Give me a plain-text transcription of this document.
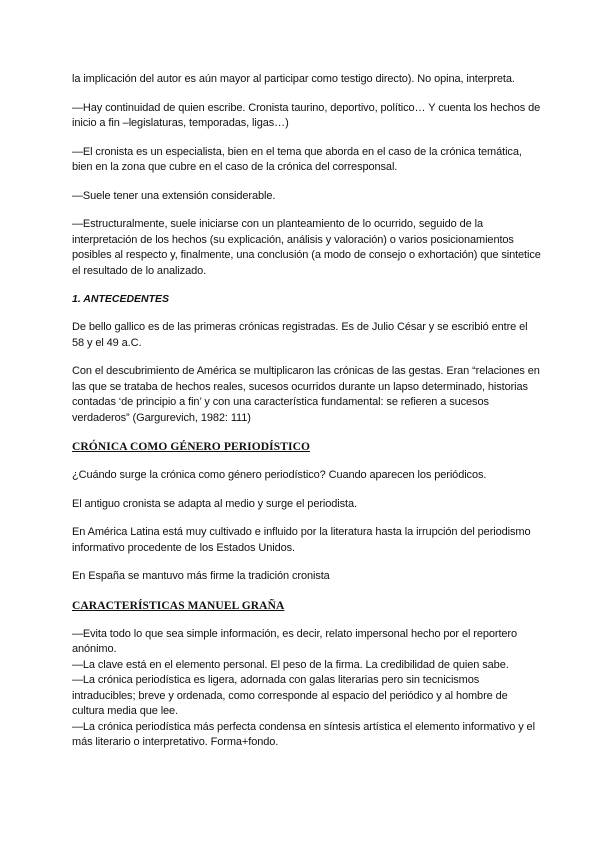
la implicación del autor es aún mayor al participar como testigo directo). No opina, interpreta.

—Hay continuidad de quien escribe. Cronista taurino, deportivo, político… Y cuenta los hechos de inicio a fin –legislaturas, temporadas, ligas…)

—El cronista es un especialista, bien en el tema que aborda en el caso de la crónica temática, bien en la zona que cubre en el caso de la crónica del corresponsal.

—Suele tener una extensión considerable.

—Estructuralmente, suele iniciarse con un planteamiento de lo ocurrido, seguido de la interpretación de los hechos (su explicación, análisis y valoración) o varios posicionamientos posibles al respecto y, finalmente, una conclusión (a modo de consejo o exhortación) que sintetice el resultado de lo analizado.

1. ANTECEDENTES

De bello gallico es de las primeras crónicas registradas. Es de Julio César y se escribió entre el 58 y el 49 a.C.

Con el descubrimiento de América se multiplicaron las crónicas de las gestas. Eran “relaciones en las que se trataba de hechos reales, sucesos ocurridos durante un lapso determinado, historias contadas ‘de principio a fin’ y con una característica fundamental: se refieren a sucesos verdaderos” (Gargurevich, 1982: 111)

CRÓNICA COMO GÉNERO PERIODÍSTICO

¿Cuándo surge la crónica como género periodístico? Cuando aparecen los periódicos.

El antiguo cronista se adapta al medio y surge el periodista.

En América Latina está muy cultivado e influido por la literatura hasta la irrupción del periodismo informativo procedente de los Estados Unidos.

En España se mantuvo más firme la tradición cronista

CARACTERÍSTICAS MANUEL GRAÑA

—Evita todo lo que sea simple información, es decir, relato impersonal hecho por el reportero anónimo.

—La clave está en el elemento personal. El peso de la firma. La credibilidad de quien sabe.

—La crónica periodística es ligera, adornada con galas literarias pero sin tecnicismos intraducibles; breve y ordenada, como corresponde al espacio del periódico y al hombre de cultura media que lee.

—La crónica periodística más perfecta condensa en síntesis artística el elemento informativo y el más literario o interpretativo. Forma+fondo.
